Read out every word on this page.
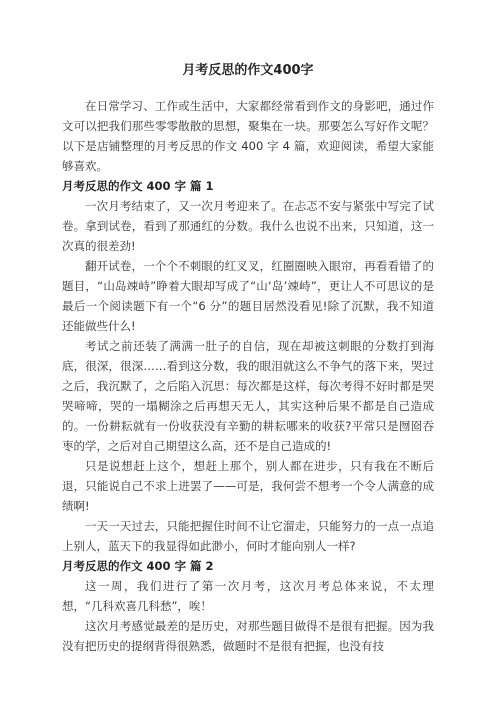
月考反思的作文400字

在日常学习、工作或生活中，大家都经常看到作文的身影吧，通过作文可以把我们那些零零散散的思想，聚集在一块。那要怎么写好作文呢？以下是店铺整理的月考反思的作文 400 字 4 篇，欢迎阅读，希望大家能够喜欢。

月考反思的作文 400 字 篇 1

一次月考结束了，又一次月考迎来了。在忐忑不安与紧张中写完了试卷。拿到试卷，看到了那通红的分数。我什么也说不出来，只知道，这一次真的很差劲!

翻开试卷，一个个不刺眼的红叉叉，红圈圈映入眼帘，再看看错了的题目，“山岛竦峙”睁着大眼却写成了“山‘岛’竦峙”，更让人不可思议的是最后一个阅读题下有一个“6 分”的题目居然没看见!除了沉默，我不知道还能做些什么!

考试之前还装了满满一肚子的自信，现在却被这刺眼的分数打到海底，很深，很深……看到这分数，我的眼泪就这么不争气的落下来，哭过之后，我沉默了，之后陷入沉思：每次都是这样，每次考得不好时都是哭哭啼啼，哭的一塌糊涂之后再想天无人，其实这种后果不都是自己造成的。一份耕耘就有一份收获没有辛勤的耕耘哪来的收获?平常只是囫囵吞枣的学，之后对自己期望这么高，还不是自己造成的!

只是说想赶上这个，想赶上那个，别人都在进步，只有我在不断后退，只能说自己不求上进罢了——可是，我何尝不想考一个令人满意的成绩啊!

一天一天过去，只能把握住时间不让它溜走，只能努力的一点一点追上别人，蓝天下的我显得如此渺小，何时才能向别人一样?

月考反思的作文 400 字 篇 2

这一周，我们进行了第一次月考，这次月考总体来说，不太理想，“几科欢喜几科愁”，唉！

这次月考感觉最差的是历史，对那些题目做得不是很有把握。因为我没有把历史的提纲背得很熟悉，做题时不是很有把握，也没有技
